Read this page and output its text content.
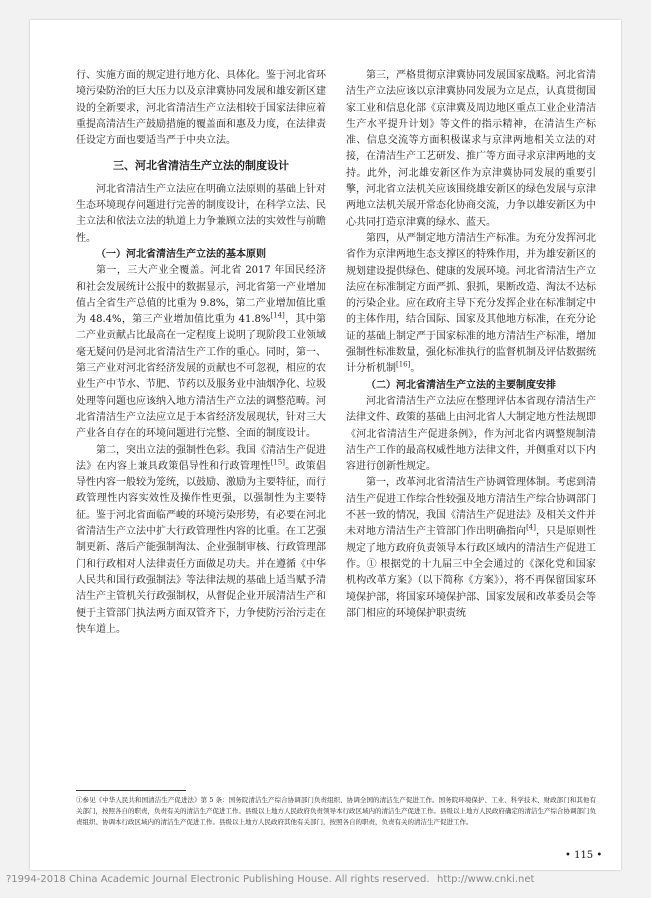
行、实施方面的规定进行地方化、具体化。鉴于河北省环境污染防治的巨大压力以及京津冀协同发展和雄安新区建设的全新要求，河北省清洁生产立法相较于国家法律应着重提高清洁生产鼓励措施的覆盖面和惠及力度，在法律责任设定方面也要适当严于中央立法。

三、河北省清洁生产立法的制度设计

河北省清洁生产立法应在明确立法原则的基础上针对生态环境现存问题进行完善的制度设计，在科学立法、民主立法和依法立法的轨道上力争兼顾立法的实效性与前瞻性。

（一）河北省清洁生产立法的基本原则

第一，三大产业全覆盖。河北省 2017 年国民经济和社会发展统计公报中的数据显示，河北省第一产业增加值占全省生产总值的比重为 9.8%，第二产业增加值比重为 48.4%，第三产业增加值比重为 41.8%[14]，其中第二产业贡献占比最高在一定程度上说明了现阶段工业领域毫无疑问仍是河北省清洁生产工作的重心。同时，第一、第三产业对河北省经济发展的贡献也不可忽视，相应的农业生产中节水、节肥、节药以及服务业中油烟净化、垃圾处理等问题也应该纳入地方清洁生产立法的调整范畴。河北省清洁生产立法应立足于本省经济发展现状，针对三大产业各自存在的环境问题进行完整、全面的制度设计。

第二，突出立法的强制性色彩。我国《清洁生产促进法》在内容上兼具政策倡导性和行政管理性[15]。政策倡导性内容一般较为笼统，以鼓励、激励为主要特征，而行政管理性内容实效性及操作性更强，以强制性为主要特征。鉴于河北省面临严峻的环境污染形势，有必要在河北省清洁生产立法中扩大行政管理性内容的比重。在工艺强制更新、落后产能强制淘汰、企业强制审核、行政管理部门和行政相对人法律责任方面做足功夫。并在遵循《中华人民共和国行政强制法》等法律法规的基础上适当赋予清洁生产主管机关行政强制权，从督促企业开展清洁生产和便于主管部门执法两方面双管齐下，力争使防污治污走在快车道上。

第三，严格贯彻京津冀协同发展国家战略。河北省清洁生产立法应该以京津冀协同发展为立足点，认真贯彻国家工业和信息化部《京津冀及周边地区重点工业企业清洁生产水平提升计划》等文件的指示精神，在清洁生产标准、信息交流等方面积极谋求与京津两地相关立法的对接，在清洁生产工艺研发、推广等方面寻求京津两地的支持。此外，河北雄安新区作为京津冀协同发展的重要引擎，河北省立法机关应该围绕雄安新区的绿色发展与京津两地立法机关展开常态化协商交流，力争以雄安新区为中心共同打造京津冀的绿水、蓝天。

第四，从严制定地方清洁生产标准。为充分发挥河北省作为京津两地生态支撑区的特殊作用，并为雄安新区的规划建设提供绿色、健康的发展环境。河北省清洁生产立法应在标准制定方面严抓、狠抓，果断改造、淘汰不达标的污染企业。应在政府主导下充分发挥企业在标准制定中的主体作用，结合国际、国家及其他地方标准，在充分论证的基础上制定严于国家标准的地方清洁生产标准，增加强制性标准数量，强化标准执行的监督机制及评估数据统计分析机制[16]。

（二）河北省清洁生产立法的主要制度安排

河北省清洁生产立法应在整理评估本省现存清洁生产法律文件、政策的基础上由河北省人大制定地方性法规即《河北省清洁生产促进条例》，作为河北省内调整规制清洁生产工作的最高权威性地方法律文件，并侧重对以下内容进行创新性规定。

第一，改革河北省清洁生产协调管理体制。考虑到清洁生产促进工作综合性较强及地方清洁生产综合协调部门不甚一致的情况，我国《清洁生产促进法》及相关文件并未对地方清洁生产主管部门作出明确指向[4]，只是原则性规定了地方政府负责领导本行政区域内的清洁生产促进工作。① 根据党的十九届三中全会通过的《深化党和国家机构改革方案》（以下简称《方案》），将不再保留国家环境保护部，将国家环境保护部、国家发展和改革委员会等部门相应的环境保护职责统

①参见《中华人民共和国清洁生产促进法》第 5 条：国务院清洁生产综合协调部门负责组织、协调全国的清洁生产促进工作。国务院环境保护、工业、科学技术、财政部门和其他有关部门，按照各自的职责，负责有关的清洁生产促进工作。县级以上地方人民政府负责领导本行政区域内的清洁生产促进工作。县级以上地方人民政府确定的清洁生产综合协调部门负责组织、协调本行政区域内的清洁生产促进工作。县级以上地方人民政府其他有关部门，按照各自的职责，负责有关的清洁生产促进工作。
• 115 •
?1994-2018 China Academic Journal Electronic Publishing House. All rights reserved. http://www.cnki.net
